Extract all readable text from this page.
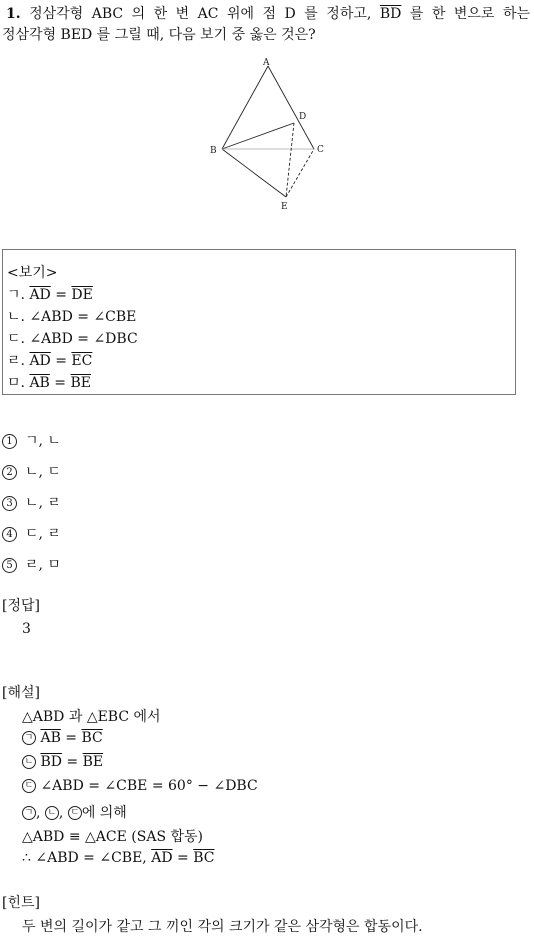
1. 정삼각형 ABC 의 한 변 AC 위에 점 D 를 정하고, $\overline{BD}$ 를 한 변으로 하는
정삼각형 BED 를 그릴 때, 다음 보기 중 옳은 것은?
A
B	C
D
E
<보기>
ㄱ. $\overline{AD} = \overline{DE}$
ㄴ. ∠ABD = ∠CBE
ㄷ. ∠ABD = ∠DBC
ㄹ. $\overline{AD} = \overline{EC}$
ㅁ. $\overline{AB} = \overline{BE}$
1 ㄱ, ㄴ
2 ㄴ, ㄷ
3 ㄴ, ㄹ
4 ㄷ, ㄹ
5 ㄹ, ㅁ
[정답]
3
[해설]
△ABD 과 △EBC 에서
ㄱ $\overline{AB} = \overline{BC}$
ㄴ $\overline{BD} = \overline{BE}$
ㄷ ∠ABD = ∠CBE = 60° − ∠DBC
ㄱ , ㄴ , ㄷ 에 의해
△ABD ≡ △ACE (SAS 합동)
∴ ∠ABD = ∠CBE, $\overline{AD} = \overline{BC}$
[힌트]
두 변의 길이가 같고 그 끼인 각의 크기가 같은 삼각형은 합동이다.
